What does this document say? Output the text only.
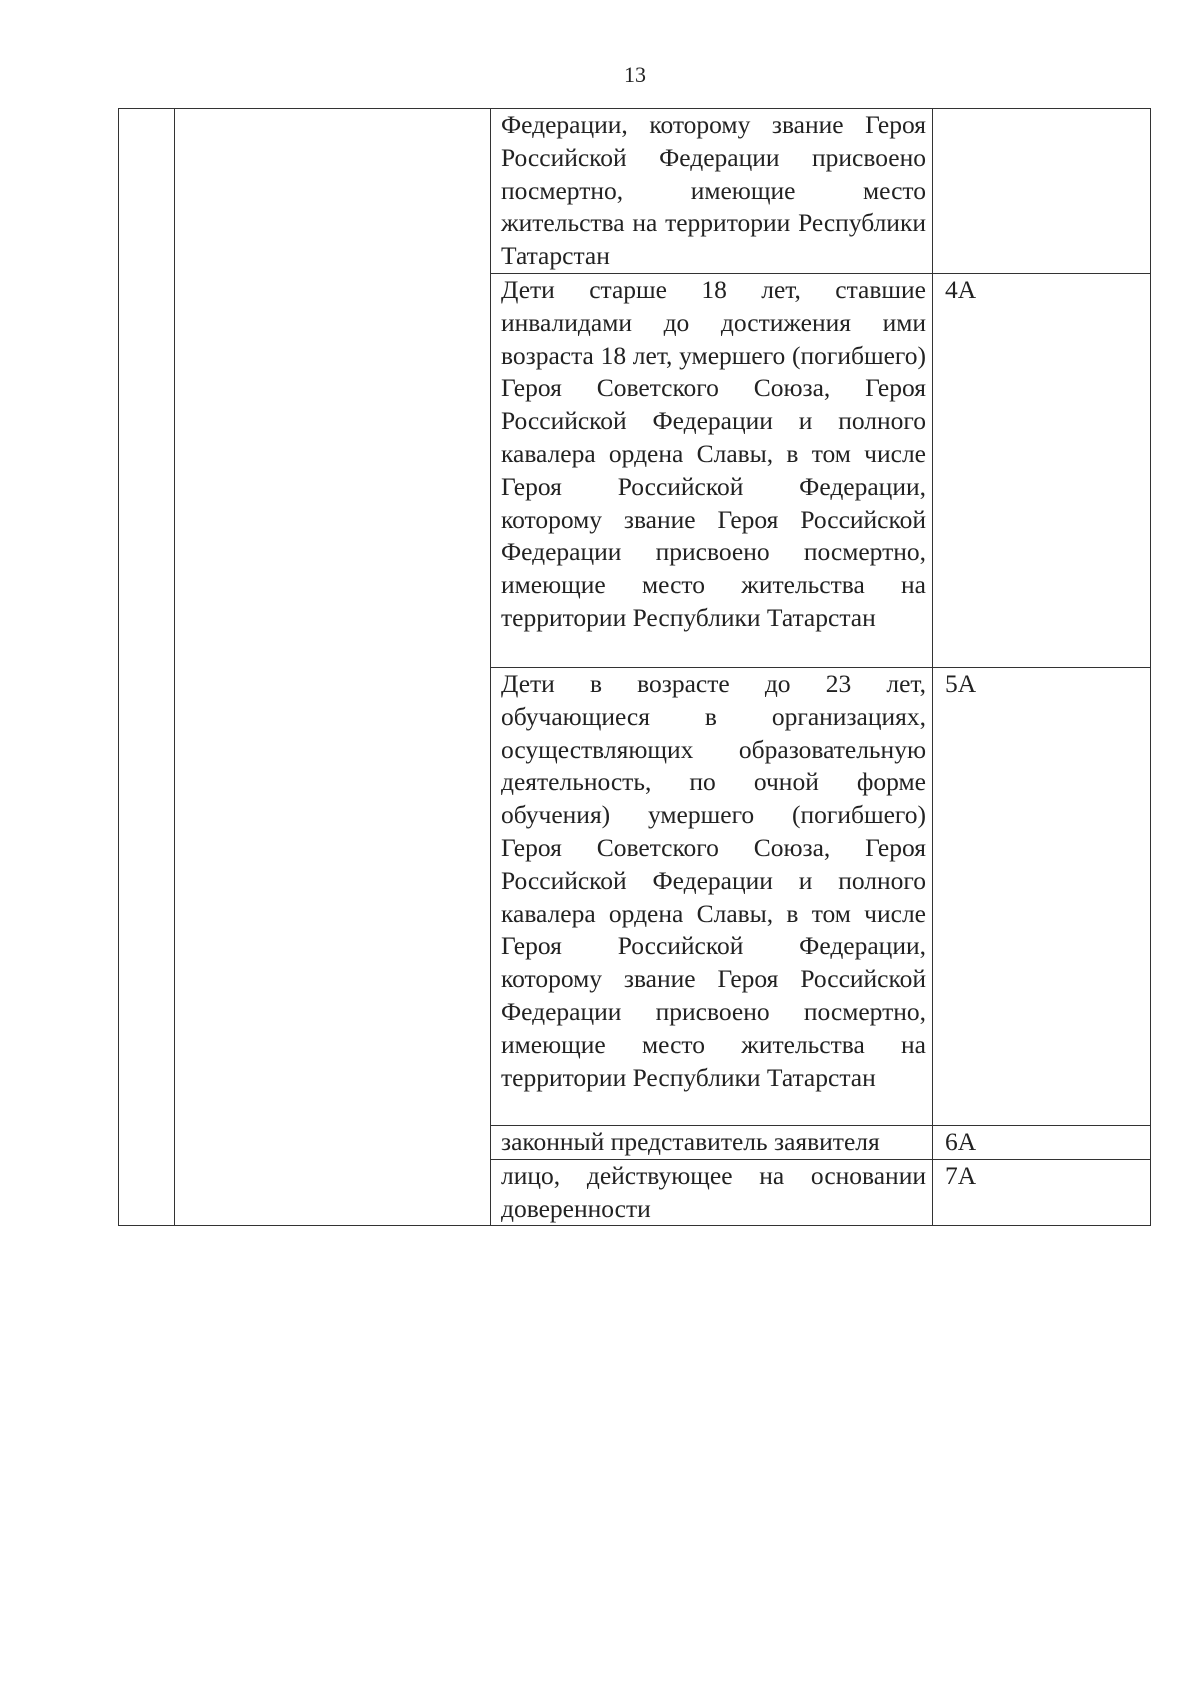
13

		Федерации, которому звание Героя Российской Федерации присвоено посмертно, имеющие место жительства на территории Республики Татарстан	

		Дети старше 18 лет, ставшие инвалидами до достижения ими возраста 18 лет, умершего (погибшего) Героя Советского Союза, Героя Российской Федерации и полного кавалера ордена Славы, в том числе Героя Российской Федерации, которому звание Героя Российской Федерации присвоено посмертно, имеющие место жительства на территории Республики Татарстан	4А

		Дети в возрасте до 23 лет, обучающиеся в организациях, осуществляющих образовательную деятельность, по очной форме обучения) умершего (погибшего) Героя Советского Союза, Героя Российской Федерации и полного кавалера ордена Славы, в том числе Героя Российской Федерации, которому звание Героя Российской Федерации присвоено посмертно, имеющие место жительства на территории Республики Татарстан	5А

		законный представитель заявителя	6А

		лицо, действующее на основании доверенности	7А
